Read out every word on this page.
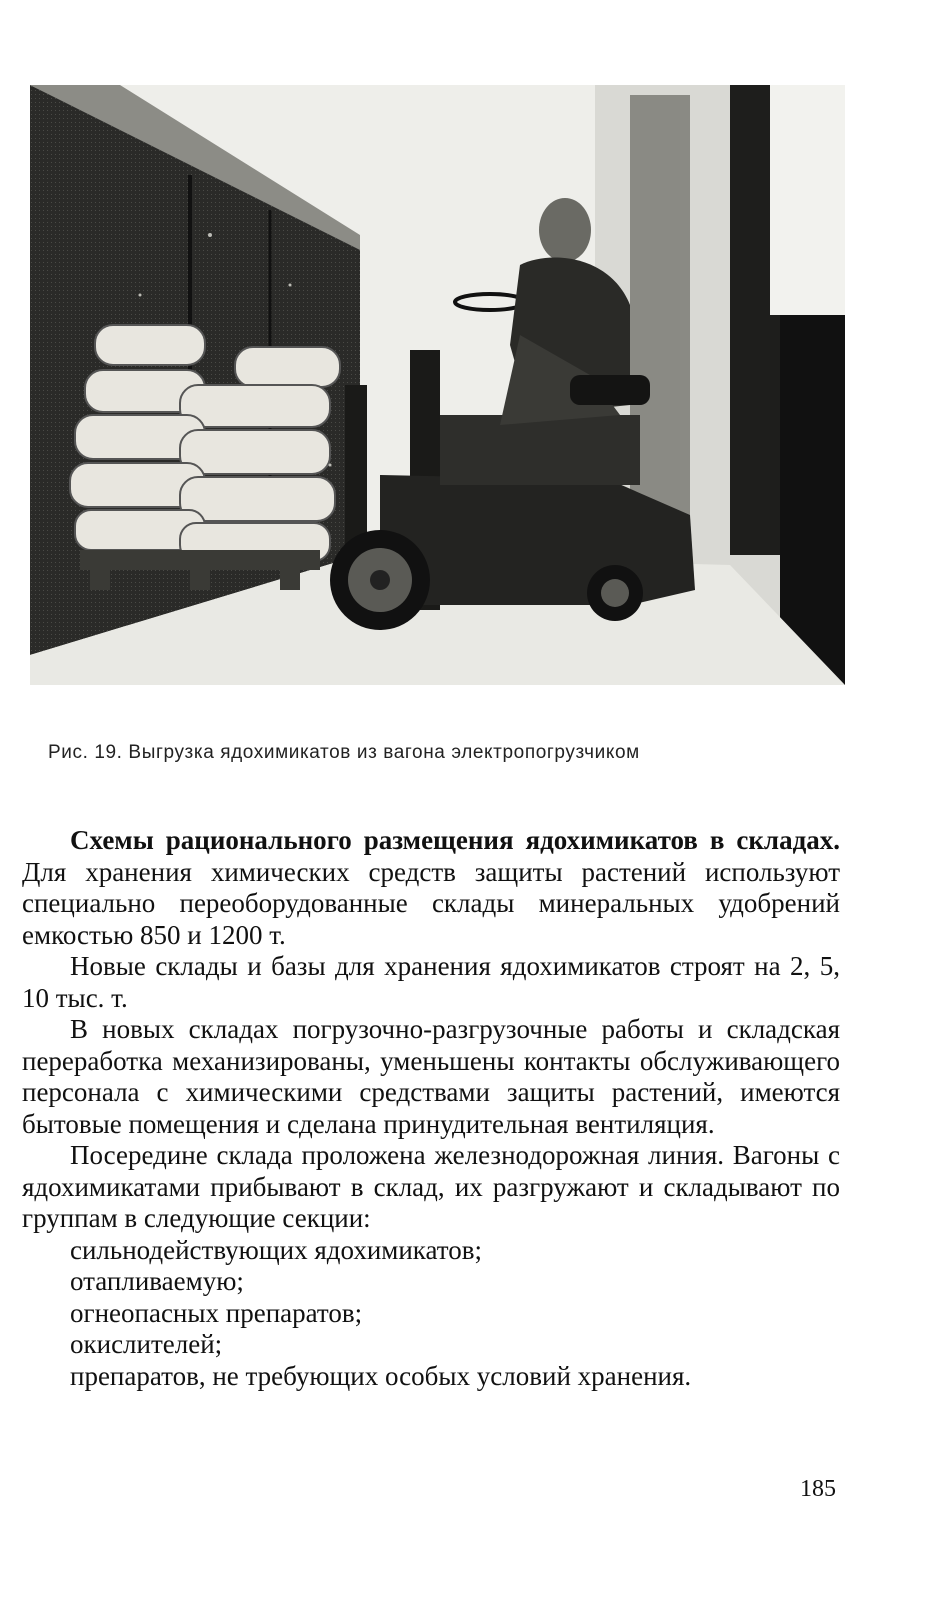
Рис. 19. Выгрузка ядохимикатов из вагона электропогрузчиком

Схемы рационального размещения ядохимикатов в складах. Для хранения химических средств защиты растений используют специально переоборудованные склады минеральных удобрений емкостью 850 и 1200 т.

Новые склады и базы для хранения ядохимикатов строят на 2, 5, 10 тыс. т.

В новых складах погрузочно-разгрузочные работы и складская переработка механизированы, уменьшены контакты обслуживающего персонала с химическими средствами защиты растений, имеются бытовые помещения и сделана принудительная вентиляция.

Посередине склада проложена железнодорожная линия. Вагоны с ядохимикатами прибывают в склад, их разгружают и складывают по группам в следующие секции:

сильнодействующих ядохимикатов;
отапливаемую;
огнеопасных препаратов;
окислителей;
препаратов, не требующих особых условий хранения.
185
